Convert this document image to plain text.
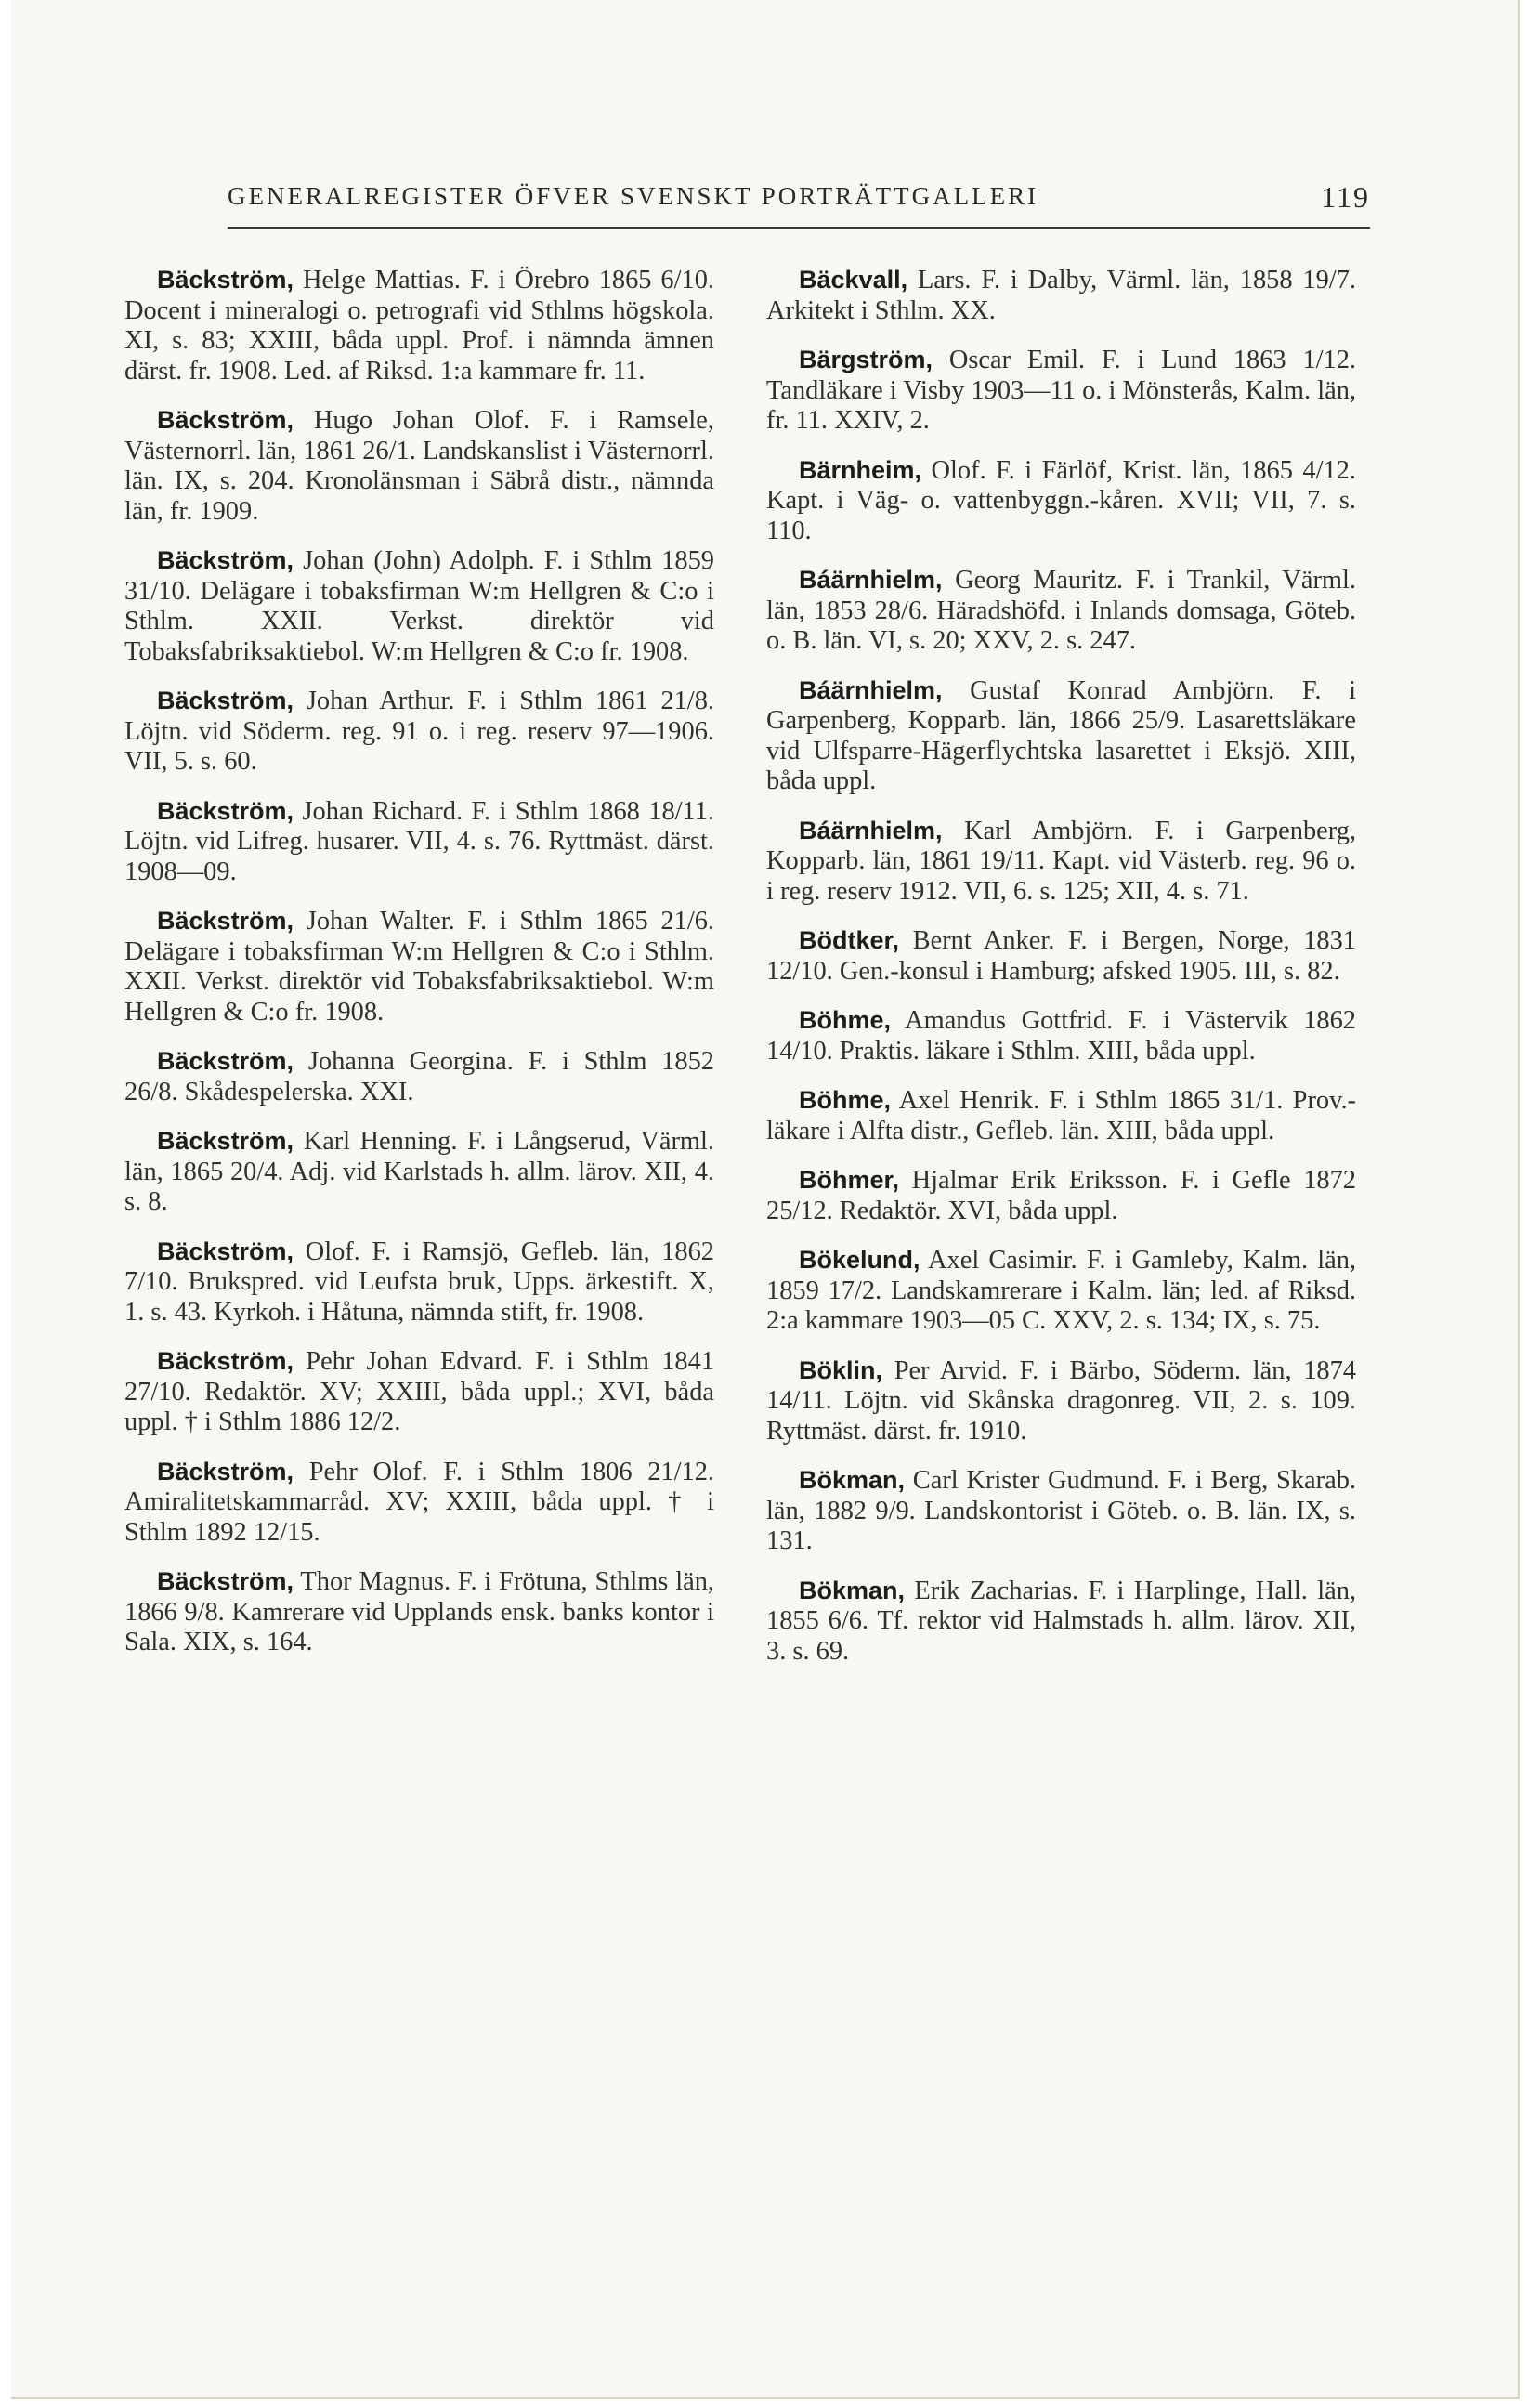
GENERALREGISTER ÖFVER SVENSKT PORTRÄTTGALLERI	119

Bäckström, Helge Mattias. F. i Örebro 1865 6/10. Docent i mineralogi o. petrografi vid Sthlms högskola. XI, s. 83; XXIII, båda uppl. Prof. i nämnda ämnen därst. fr. 1908. Led. af Riksd. 1:a kammare fr. 11.

Bäckström, Hugo Johan Olof. F. i Ramsele, Västernorrl. län, 1861 26/1. Landskanslist i Västernorrl. län. IX, s. 204. Kronolänsman i Säbrå distr., nämnda län, fr. 1909.

Bäckström, Johan (John) Adolph. F. i Sthlm 1859 31/10. Delägare i tobaksfirman W:m Hellgren & C:o i Sthlm. XXII. Verkst. direktör vid Tobaksfabriksaktiebol. W:m Hellgren & C:o fr. 1908.

Bäckström, Johan Arthur. F. i Sthlm 1861 21/8. Löjtn. vid Söderm. reg. 91 o. i reg. reserv 97—1906. VII, 5. s. 60.

Bäckström, Johan Richard. F. i Sthlm 1868 18/11. Löjtn. vid Lifreg. husarer. VII, 4. s. 76. Ryttmäst. därst. 1908—09.

Bäckström, Johan Walter. F. i Sthlm 1865 21/6. Delägare i tobaksfirman W:m Hellgren & C:o i Sthlm. XXII. Verkst. direktör vid Tobaksfabriksaktiebol. W:m Hellgren & C:o fr. 1908.

Bäckström, Johanna Georgina. F. i Sthlm 1852 26/8. Skådespelerska. XXI.

Bäckström, Karl Henning. F. i Långserud, Värml. län, 1865 20/4. Adj. vid Karlstads h. allm. lärov. XII, 4. s. 8.

Bäckström, Olof. F. i Ramsjö, Gefleb. län, 1862 7/10. Brukspred. vid Leufsta bruk, Upps. ärkestift. X, 1. s. 43. Kyrkoh. i Håtuna, nämnda stift, fr. 1908.

Bäckström, Pehr Johan Edvard. F. i Sthlm 1841 27/10. Redaktör. XV; XXIII, båda uppl.; XVI, båda uppl. † i Sthlm 1886 12/2.

Bäckström, Pehr Olof. F. i Sthlm 1806 21/12. Amiralitetskammarråd. XV; XXIII, båda uppl. † i Sthlm 1892 12/15.

Bäckström, Thor Magnus. F. i Frötuna, Sthlms län, 1866 9/8. Kamrerare vid Upplands ensk. banks kontor i Sala. XIX, s. 164.

Bäckvall, Lars. F. i Dalby, Värml. län, 1858 19/7. Arkitekt i Sthlm. XX.

Bärgström, Oscar Emil. F. i Lund 1863 1/12. Tandläkare i Visby 1903—11 o. i Mönsterås, Kalm. län, fr. 11. XXIV, 2.

Bärnheim, Olof. F. i Färlöf, Krist. län, 1865 4/12. Kapt. i Väg- o. vattenbyggn.-kåren. XVII; VII, 7. s. 110.

Báärnhielm, Georg Mauritz. F. i Trankil, Värml. län, 1853 28/6. Häradshöfd. i Inlands domsaga, Göteb. o. B. län. VI, s. 20; XXV, 2. s. 247.

Báärnhielm, Gustaf Konrad Ambjörn. F. i Garpenberg, Kopparb. län, 1866 25/9. Lasarettsläkare vid Ulfsparre-Hägerflychtska lasarettet i Eksjö. XIII, båda uppl.

Báärnhielm, Karl Ambjörn. F. i Garpenberg, Kopparb. län, 1861 19/11. Kapt. vid Västerb. reg. 96 o. i reg. reserv 1912. VII, 6. s. 125; XII, 4. s. 71.

Bödtker, Bernt Anker. F. i Bergen, Norge, 1831 12/10. Gen.-konsul i Hamburg; afsked 1905. III, s. 82.

Böhme, Amandus Gottfrid. F. i Västervik 1862 14/10. Praktis. läkare i Sthlm. XIII, båda uppl.

Böhme, Axel Henrik. F. i Sthlm 1865 31/1. Prov.-läkare i Alfta distr., Gefleb. län. XIII, båda uppl.

Böhmer, Hjalmar Erik Eriksson. F. i Gefle 1872 25/12. Redaktör. XVI, båda uppl.

Bökelund, Axel Casimir. F. i Gamleby, Kalm. län, 1859 17/2. Landskamrerare i Kalm. län; led. af Riksd. 2:a kammare 1903—05 C. XXV, 2. s. 134; IX, s. 75.

Böklin, Per Arvid. F. i Bärbo, Söderm. län, 1874 14/11. Löjtn. vid Skånska dragonreg. VII, 2. s. 109. Ryttmäst. därst. fr. 1910.

Bökman, Carl Krister Gudmund. F. i Berg, Skarab. län, 1882 9/9. Landskontorist i Göteb. o. B. län. IX, s. 131.

Bökman, Erik Zacharias. F. i Harplinge, Hall. län, 1855 6/6. Tf. rektor vid Halmstads h. allm. lärov. XII, 3. s. 69.
